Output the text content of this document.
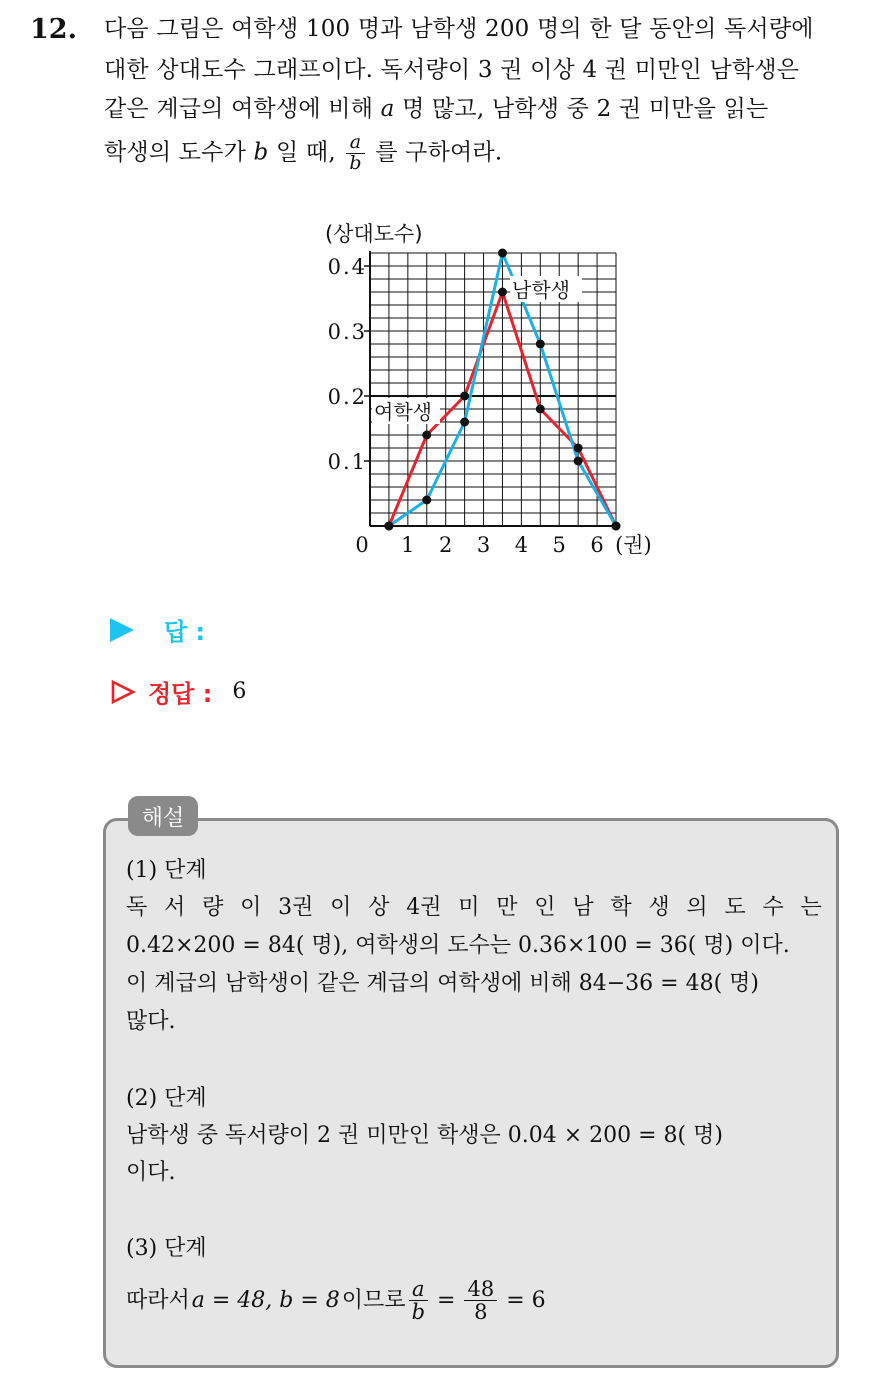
12. 다음 그림은 여학생 100 명과 남학생 200 명의 한 달 동안의 독서량에
대한 상대도수 그래프이다. 독서량이 3 권 이상 4 권 미만인 남학생은
같은 계급의 여학생에 비해 a 명 많고, 남학생 중 2 권 미만을 읽는
학생의 도수가 b 일 때, $\frac{a}{b}$ 를 구하여라.
0.1
0.2
0.3
0.4
0 1 2 3 4 5 6 (권)
(상대도수)
여학생
남학생
답 :
정답 : 6
해설
(1) 단계
독 서 량 이 3권 이 상 4권 미 만 인 남 학 생 의 도 수 는
0.42×200 = 84( 명), 여학생의 도수는 0.36×100 = 36( 명) 이다.
이 계급의 남학생이 같은 계급의 여학생에 비해 84−36 = 48( 명)
많다.
(2) 단계
남학생 중 독서량이 2 권 미만인 학생은 0.04 × 200 = 8( 명)
이다.
(3) 단계
따라서 a = 48, b = 8 이므로 $\frac{a}{b} = \frac{48}{8} = 6$
